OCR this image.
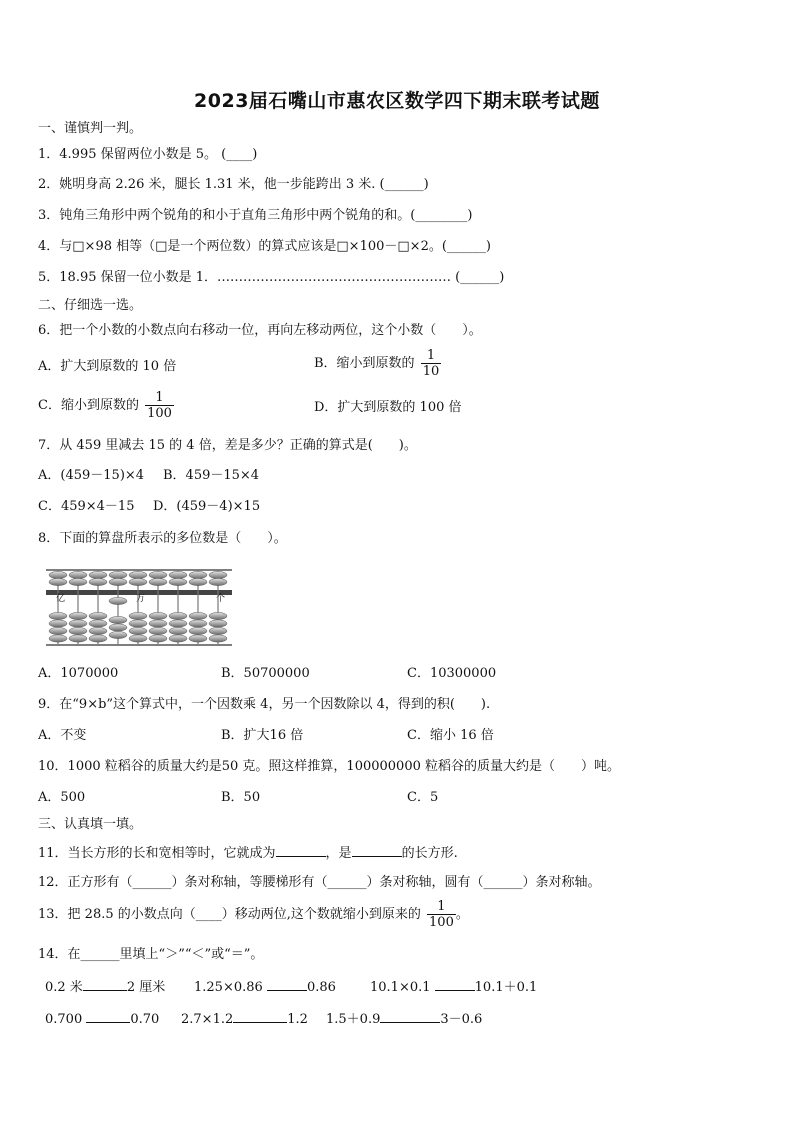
2023届石嘴山市惠农区数学四下期末联考试题
一、谨慎判一判。
1．4.995 保留两位小数是 5。 (____)
2．姚明身高 2.26 米，腿长 1.31 米，他一步能跨出 3 米. (______)
3．钝角三角形中两个锐角的和小于直角三角形中两个锐角的和。(________)
4．与□×98 相等（□是一个两位数）的算式应该是□×100－□×2。(______)
5．18.95 保留一位小数是 1．……………………………………………… (______)
二、仔细选一选。
6．把一个小数的小数点向右移动一位，再向左移动两位，这个小数（　　）。
A．扩大到原数的 10 倍	B．缩小到原数的 $\frac{1}{10}$
C．缩小到原数的 $\frac{1}{100}$	D．扩大到原数的 100 倍
7．从 459 里减去 15 的 4 倍，差是多少？正确的算式是(　　)。
A．(459－15)×4 B．459－15×4
C．459×4－15 D．(459－4)×15
8．下面的算盘所表示的多位数是（　　）。
亿	万	个
A．1070000	B．50700000	C．10300000
9．在“9×b”这个算式中，一个因数乘 4，另一个因数除以 4，得到的积(　　).
A．不变	B．扩大16 倍	C．缩小 16 倍
10．1000 粒稻谷的质量大约是50 克。照这样推算，100000000 粒稻谷的质量大约是（　　）吨。
A．500	B．50	C．5
三、认真填一填。
11．当长方形的长和宽相等时，它就成为	，是	的长方形.
12．正方形有（______）条对称轴，等腰梯形有（______）条对称轴，圆有（______）条对称轴。
13．把 28.5 的小数点向（____）移动两位,这个数就缩小到原来的 $\frac{1}{100}$ 。
14．在______里填上“＞”“＜”或“＝”。
0.2 米	2 厘米 1.25×0.86	0.86	10.1×0.1	10.1＋0.1
0.700	0.70 2.7×1.2	1.2 1.5＋0.9	3－0.6
